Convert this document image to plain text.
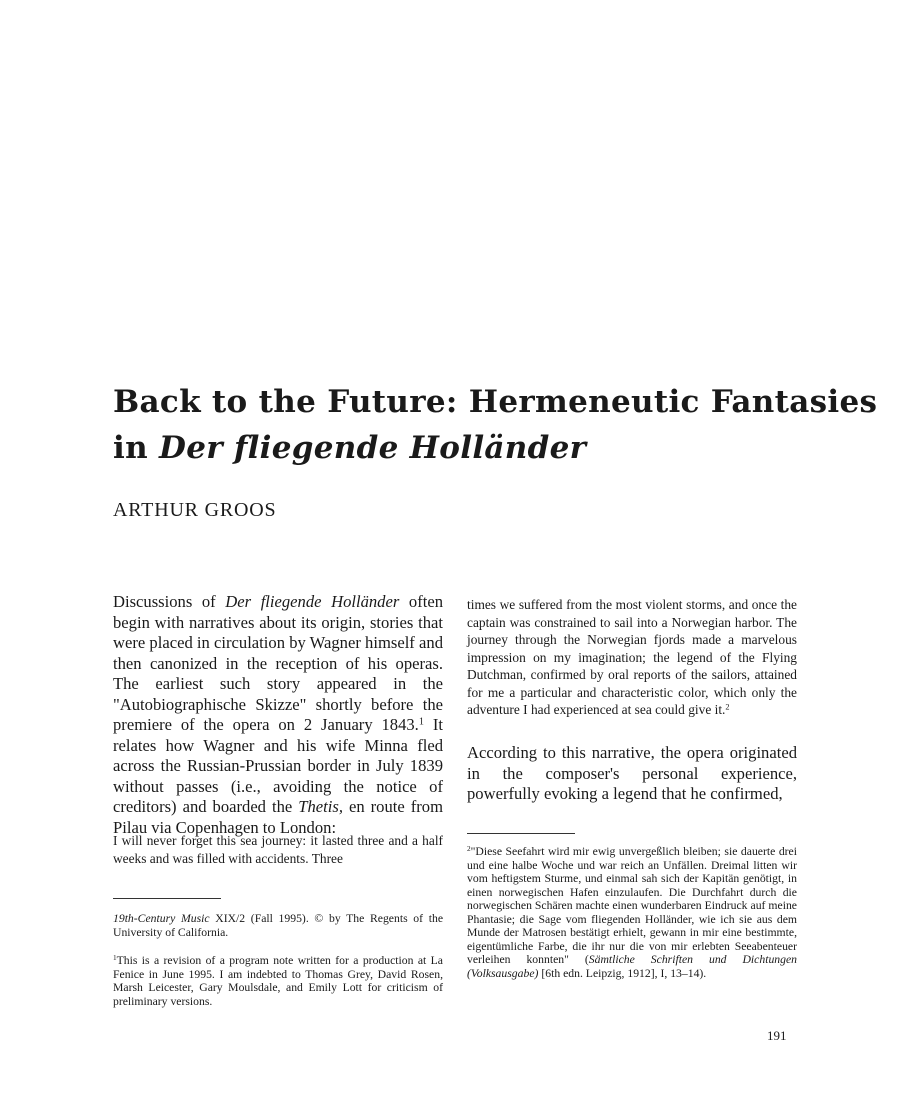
Back to the Future: Hermeneutic Fantasies
in Der fliegende Holländer

ARTHUR GROOS

Discussions of Der fliegende Holländer often begin with narratives about its origin, stories that were placed in circulation by Wagner himself and then canonized in the reception of his operas. The earliest such story appeared in the "Autobiographische Skizze" shortly before the premiere of the opera on 2 January 1843.$^1$ It relates how Wagner and his wife Minna fled across the Russian-Prussian border in July 1839 without passes (i.e., avoiding the notice of creditors) and boarded the Thetis, en route from Pilau via Copenhagen to London:

I will never forget this sea journey: it lasted three and a half weeks and was filled with accidents. Three

19th-Century Music XIX/2 (Fall 1995). © by The Regents of the University of California.

$^1$This is a revision of a program note written for a production at La Fenice in June 1995. I am indebted to Thomas Grey, David Rosen, Marsh Leicester, Gary Moulsdale, and Emily Lott for criticism of preliminary versions.

times we suffered from the most violent storms, and once the captain was constrained to sail into a Norwegian harbor. The journey through the Norwegian fjords made a marvelous impression on my imagination; the legend of the Flying Dutchman, confirmed by oral reports of the sailors, attained for me a particular and characteristic color, which only the adventure I had experienced at sea could give it.$^2$

According to this narrative, the opera originated in the composer's personal experience, powerfully evoking a legend that he confirmed,

$^2$"Diese Seefahrt wird mir ewig unvergeßlich bleiben; sie dauerte drei und eine halbe Woche und war reich an Unfällen. Dreimal litten wir vom heftigstem Sturme, und einmal sah sich der Kapitän genötigt, in einen norwegischen Hafen einzulaufen. Die Durchfahrt durch die norwegischen Schären machte einen wunderbaren Eindruck auf meine Phantasie; die Sage vom fliegenden Holländer, wie ich sie aus dem Munde der Matrosen bestätigt erhielt, gewann in mir eine bestimmte, eigentümliche Farbe, die ihr nur die von mir erlebten Seeabenteuer verleihen konnten" (Sämtliche Schriften und Dichtungen (Volksausgabe) [6th edn. Leipzig, 1912], I, 13–14).

191
